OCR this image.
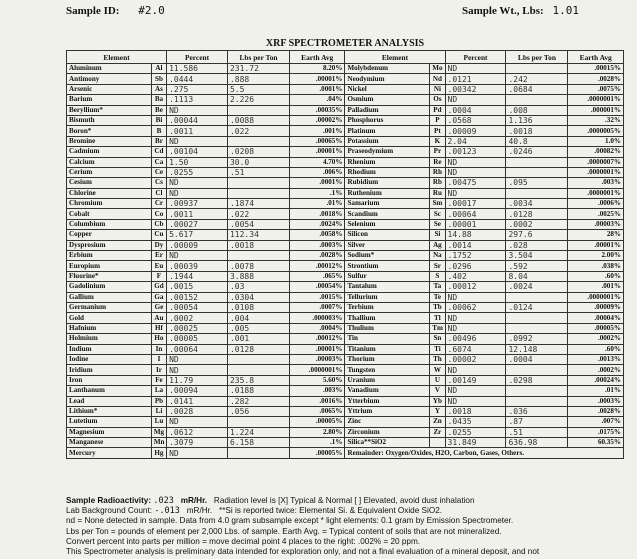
Sample ID: #2.0	Sample Wt., Lbs: 1.01
XRF SPECTROMETER ANALYSIS
Element		Percent	Lbs per Ton	Earth Avg	Element		Percent	Lbs per Ton	Earth Avg
Aluminum	Al	11.586	231.72	8.20%	Molybdenum	Mo	ND		.00015%
Antimony	Sb	.0444	.888	.00001%	Neodymium	Nd	.0121	.242	.0028%
Arsenic	As	.275	5.5	.0001%	Nickel	Ni	.00342	.0684	.0075%
Barium	Ba	.1113	2.226	.04%	Osmium	Os	ND		.0000001%
Beryllium*	Be	ND		.00035%	Palladium	Pd	.0004	.008	.000001%
Bismuth	Bi	.00044	.0088	.00002%	Phosphorus	P	.0568	1.136	.32%
Boron*	B	.0011	.022	.001%	Platinum	Pt	.00009	.0018	.0000005%
Bromine	Br	ND		.00065%	Potassium	K	2.04	40.8	1.0%
Cadmium	Cd	.00104	.0208	.00001%	Praseodymium	Pr	.00123	.0246	.00082%
Calcium	Ca	1.50	30.0	4.70%	Rhenium	Re	ND		.0000007%
Cerium	Ce	.0255	.51	.006%	Rhodium	Rh	ND		.0000001%
Cesium	Cs	ND		.0001%	Rubidium	Rb	.00475	.095	.003%
Chlorine	Cl	ND		.1%	Ruthenium	Ru	ND		.0000001%
Chromium	Cr	.00937	.1874	.01%	Samarium	Sm	.00017	.0034	.0006%
Cobalt	Co	.0011	.022	.0018%	Scandium	Sc	.00064	.0128	.0025%
Columbium	Cb	.00027	.0054	.0024%	Selenium	Se	.00001	.0002	.00003%
Copper	Cu	5.617	112.34	.0058%	Silicon	Si	14.88	297.6	28%
Dysprosium	Dy	.00009	.0018	.0003%	Silver	Ag	.0014	.028	.00001%
Erbium	Er	ND		.0028%	Sodium*	Na	.1752	3.504	2.00%
Europium	Eu	.00039	.0078	.00012%	Strontium	Sr	.0296	.592	.038%
Fluorine*	F	.1944	3.888	.065%	Sulfur	S	.402	8.04	.60%
Gadolinium	Gd	.0015	.03	.00054%	Tantalum	Ta	.00012	.0024	.001%
Gallium	Ga	.00152	.0304	.0015%	Tellurium	Te	ND		.0000001%
Germanium	Ge	.00054	.0108	.0007%	Terbium	Tb	.00062	.0124	.00009%
Gold	Au	.0002	.004	.000003%	Thallium	Tl	ND		.00004%
Hafnium	Hf	.00025	.005	.0004%	Thulium	Tm	ND		.00005%
Holmium	Ho	.00005	.001	.00012%	Tin	Sn	.00496	.0992	.0002%
Indium	In	.00064	.0128	.00001%	Titanium	Ti	.6074	12.148	.60%
Iodine	I	ND		.00003%	Thorium	Th	.00002	.0004	.0013%
Iridium	Ir	ND		.0000001%	Tungsten	W	ND		.0002%
Iron	Fe	11.79	235.8	5.60%	Uranium	U	.00149	.0298	.00024%
Lanthanum	La	.00094	.0188	.003%	Vanadium	V	ND		.01%
Lead	Pb	.0141	.282	.0016%	Ytterbium	Yb	ND		.0003%
Lithium*	Li	.0028	.056	.0065%	Yttrium	Y	.0018	.036	.0028%
Lutetium	Lu	ND		.00005%	Zinc	Zn	.0435	.87	.007%
Magnesium	Mg	.0612	1.224	2.80%	Zirconium	Zr	.0255	.51	.0175%
Manganese	Mn	.3079	6.158	.1%	Silica**SiO2		31.849	636.98	60.35%
Mercury	Hg	ND		.00005%	Remainder: Oxygen/Oxides, H2O, Carbon, Gases, Others.				
Sample Radioactivity: .023 mR/Hr. Radiation level is [X] Typical & Normal [ ] Elevated, avoid dust inhalation
Lab Background Count: -.013 mR/Hr. **Si is reported twice: Elemental Si. & Equivalent Oxide SiO2.
nd = None detected in sample. Data from 4.0 gram subsample except * light elements: 0.1 gram by Emission Spectrometer.
Lbs per Ton = pounds of element per 2,000 Lbs. of sample. Earth Avg. = Typical content of soils that are not mineralized.
Convert percent into parts per million = move decimal point 4 places to the right: .002% = 20 ppm.
This Spectrometer analysis is preliminary data intended for exploration only, and not a final evaluation of a mineral deposit, and not
